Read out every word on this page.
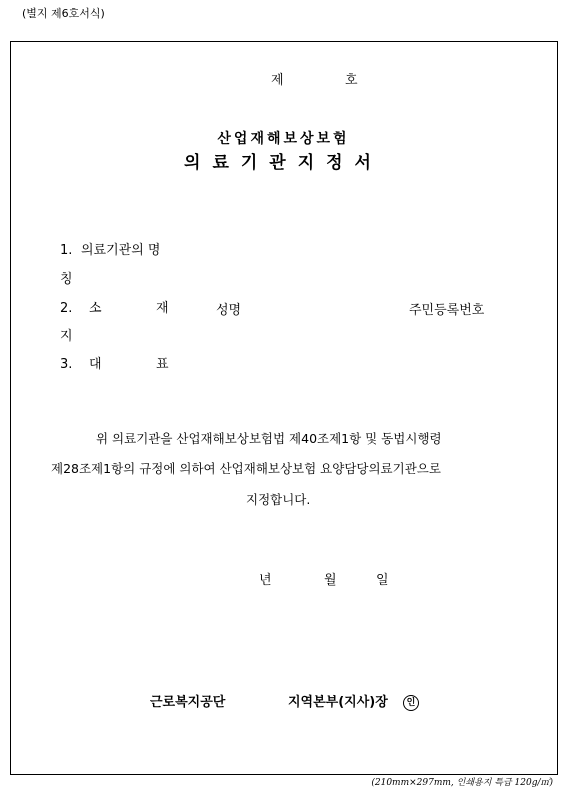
(별지 제6호서식)
제	호
산업재해보상보험
의료기관지정서
1. 의료기관의 명
칭
2. 소	재	성명	주민등록번호
지
3. 대	표
위 의료기관을 산업재해보상보험법 제40조제1항 및 동법시행령
제28조제1항의 규정에 의하여 산업재해보상보험 요양담당의료기관으로
지정합니다.
년	월	일
근로복지공단	지역본부(지사)장	인
(210mm×297mm, 인쇄용지 특급 120g/㎡)
